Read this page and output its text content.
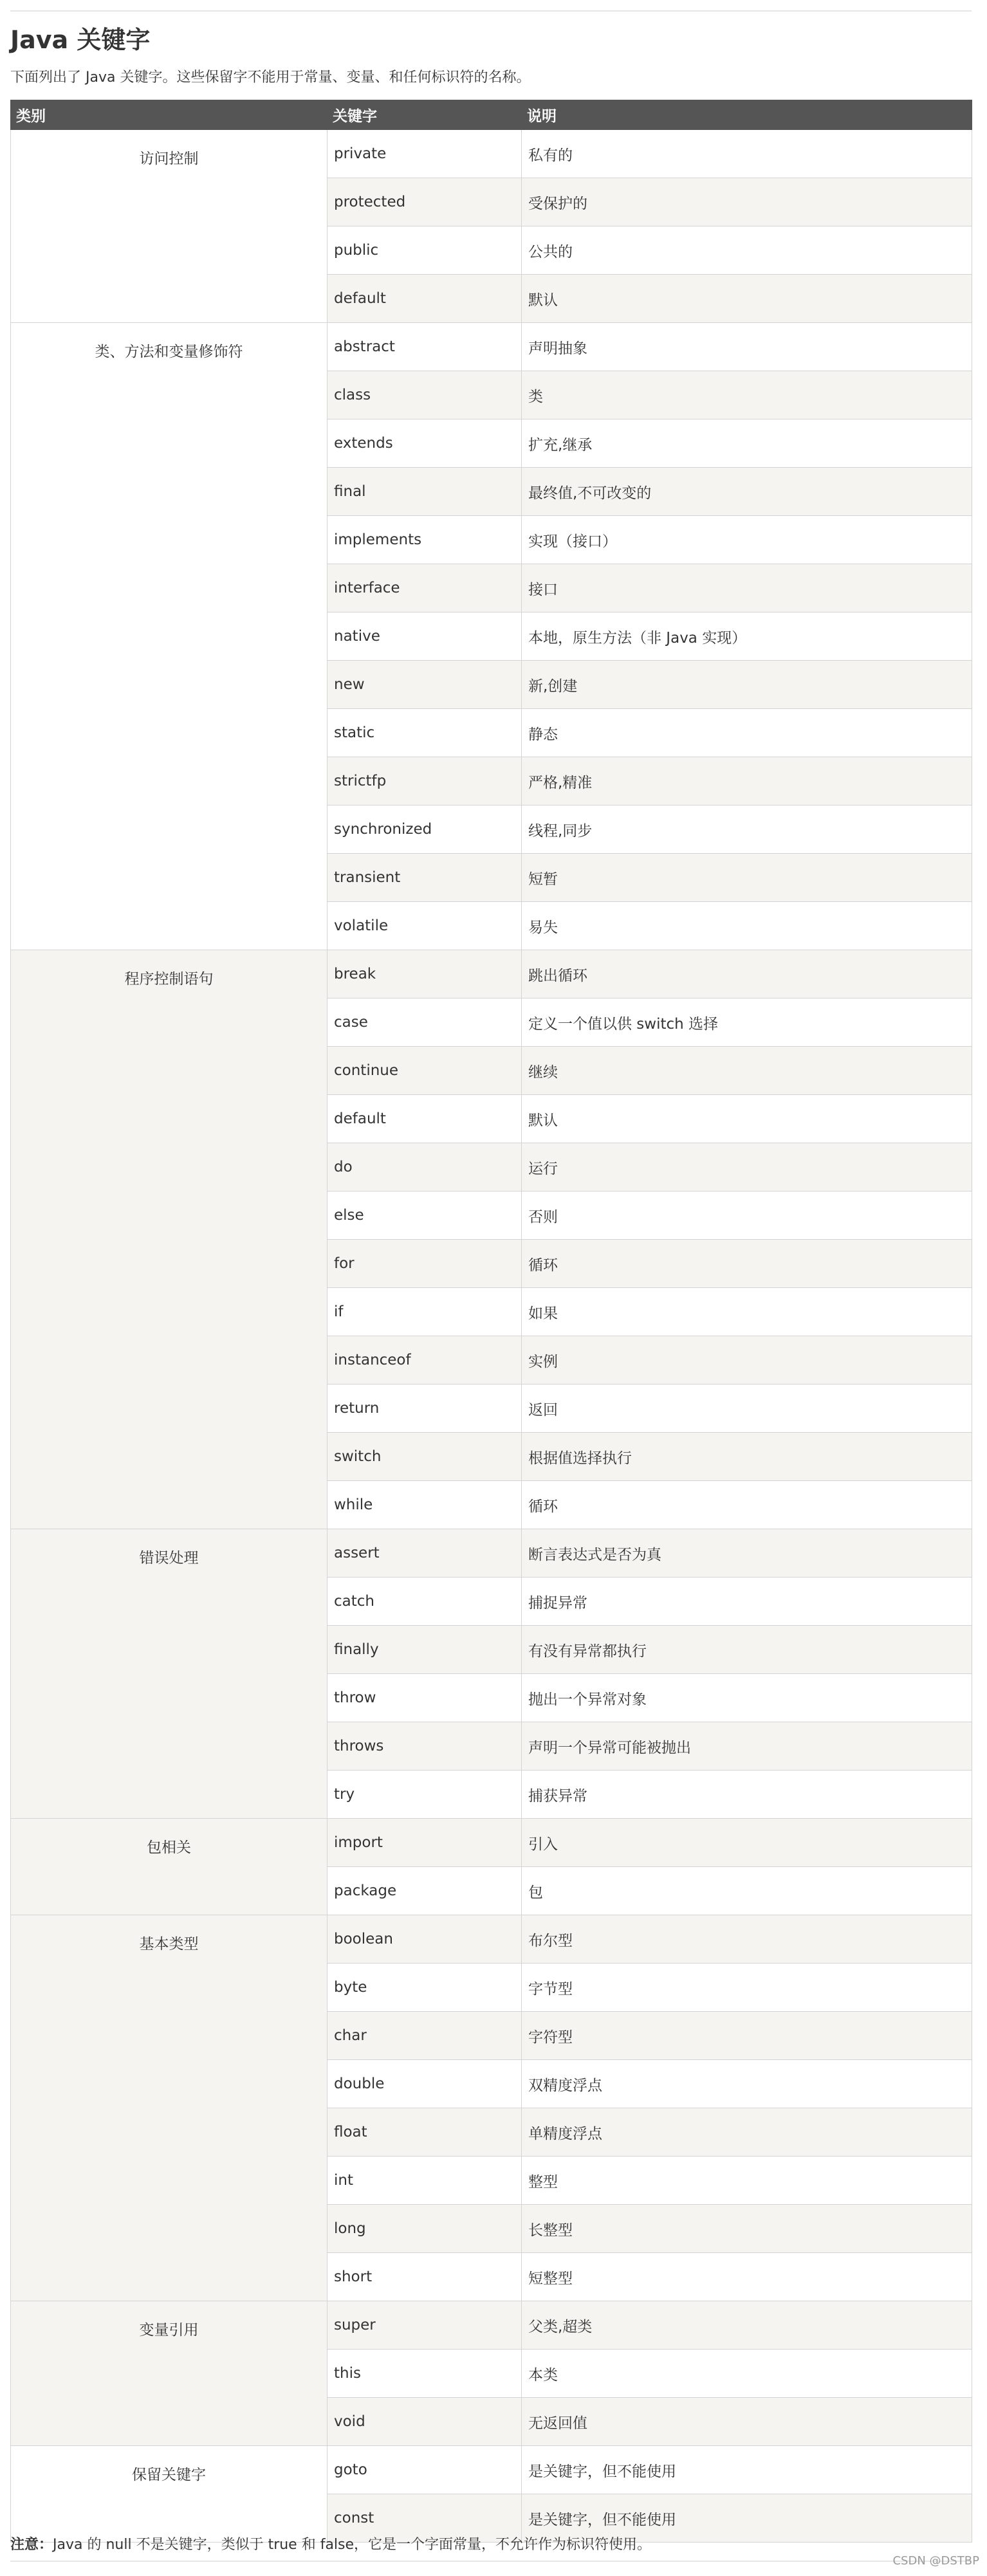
Java 关键字

下面列出了 Java 关键字。这些保留字不能用于常量、变量、和任何标识符的名称。

类别	关键字	说明
访问控制	private	私有的
	protected	受保护的
	public	公共的
	default	默认
类、方法和变量修饰符	abstract	声明抽象
	class	类
	extends	扩充,继承
	final	最终值,不可改变的
	implements	实现（接口）
	interface	接口
	native	本地，原生方法（非 Java 实现）
	new	新,创建
	static	静态
	strictfp	严格,精准
	synchronized	线程,同步
	transient	短暂
	volatile	易失
程序控制语句	break	跳出循环
	case	定义一个值以供 switch 选择
	continue	继续
	default	默认
	do	运行
	else	否则
	for	循环
	if	如果
	instanceof	实例
	return	返回
	switch	根据值选择执行
	while	循环
错误处理	assert	断言表达式是否为真
	catch	捕捉异常
	finally	有没有异常都执行
	throw	抛出一个异常对象
	throws	声明一个异常可能被抛出
	try	捕获异常
包相关	import	引入
	package	包
基本类型	boolean	布尔型
	byte	字节型
	char	字符型
	double	双精度浮点
	float	单精度浮点
	int	整型
	long	长整型
	short	短整型
变量引用	super	父类,超类
	this	本类
	void	无返回值
保留关键字	goto	是关键字，但不能使用
	const	是关键字，但不能使用

注意：Java 的 null 不是关键字，类似于 true 和 false，它是一个字面常量，不允许作为标识符使用。

CSDN @DSTBP
